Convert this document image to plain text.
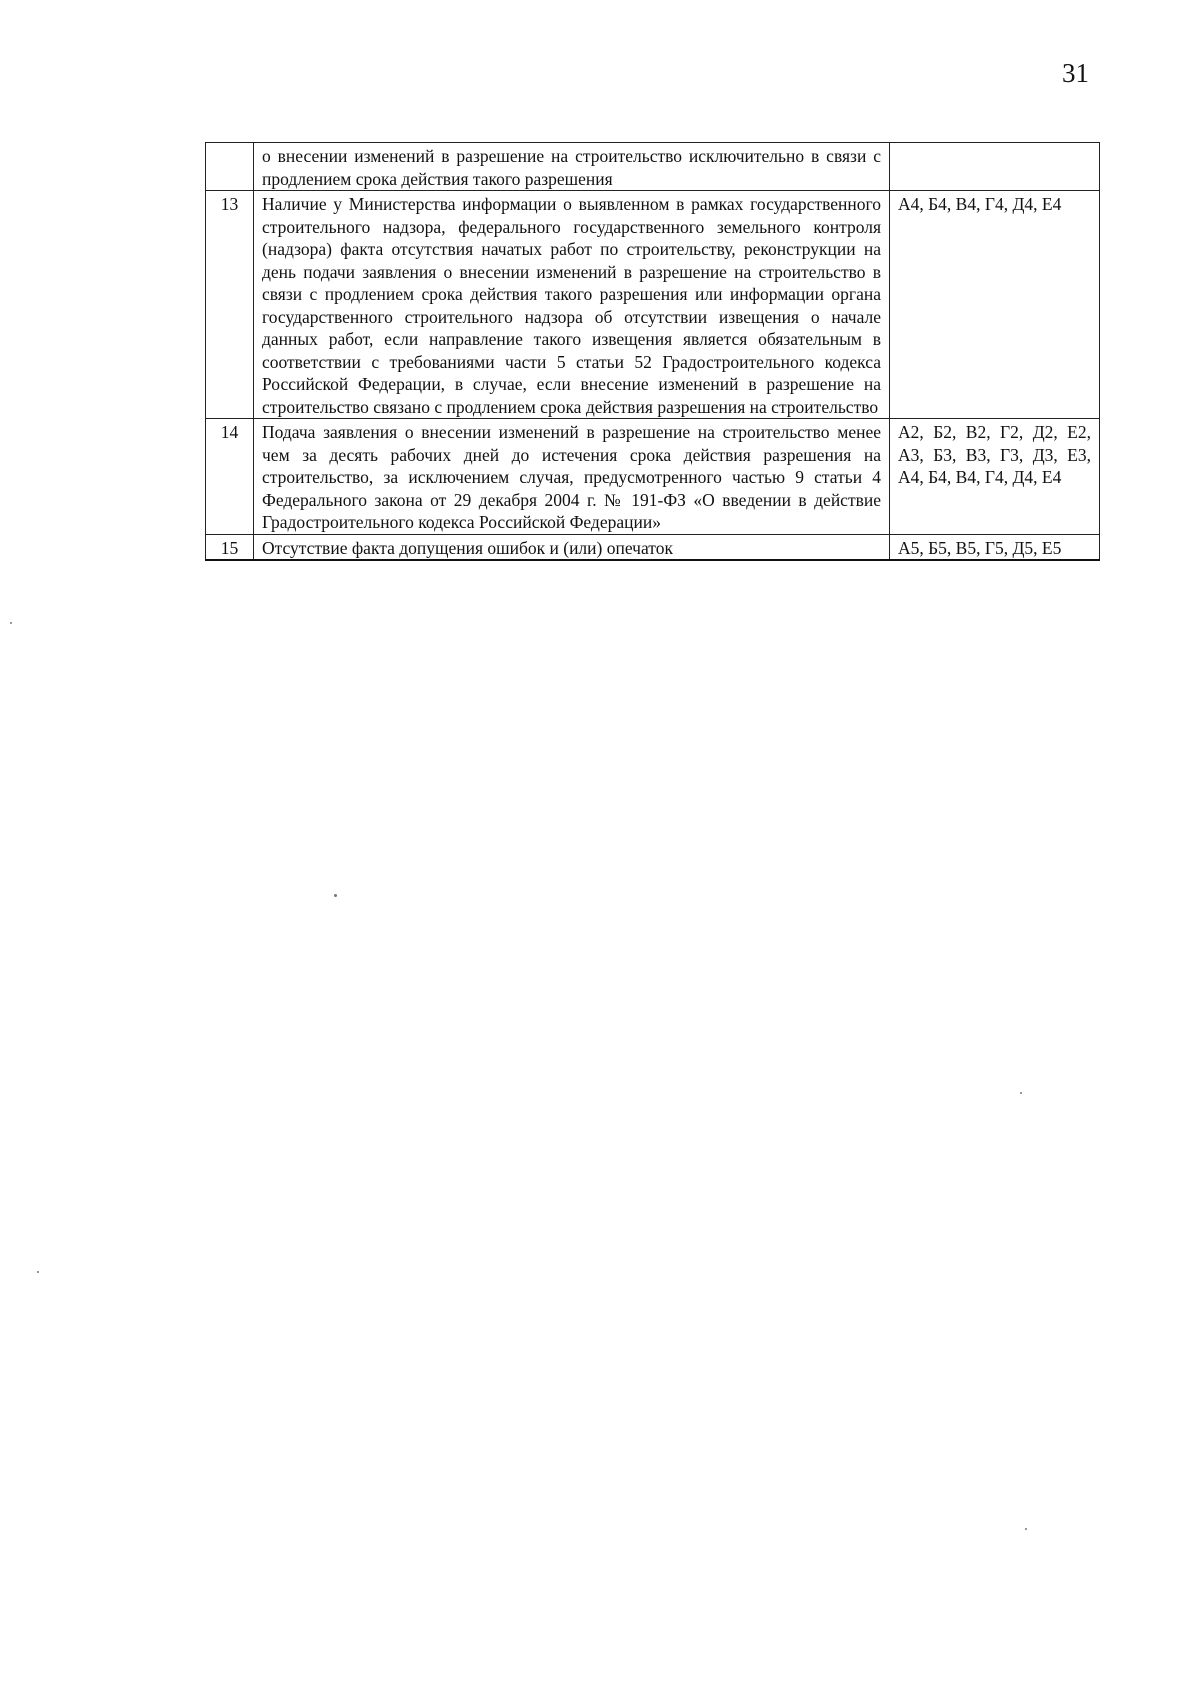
31
	о внесении изменений в разрешение на строительство исключительно в связи с продлением срока действия такого разрешения	
13	Наличие у Министерства информации о выявленном в рамках государственного строительного надзора, федерального государственного земельного контроля (надзора) факта отсутствия начатых работ по строительству, реконструкции на день подачи заявления о внесении изменений в разрешение на строительство в связи с продлением срока действия такого разрешения или информации органа государственного строительного надзора об отсутствии извещения о начале данных работ, если направление такого извещения является обязательным в соответствии с требованиями части 5 статьи 52 Градостроительного кодекса Российской Федерации, в случае, если внесение изменений в разрешение на строительство связано с продлением срока действия разрешения на строительство	А4, Б4, В4, Г4, Д4, Е4
14	Подача заявления о внесении изменений в разрешение на строительство менее чем за десять рабочих дней до истечения срока действия разрешения на строительство, за исключением случая, предусмотренного частью 9 статьи 4 Федерального закона от 29 декабря 2004 г. № 191-ФЗ «О введении в действие Градостроительного кодекса Российской Федерации»	А2, Б2, В2, Г2, Д2, Е2, А3, Б3, В3, Г3, Д3, Е3, А4, Б4, В4, Г4, Д4, Е4
15	Отсутствие факта допущения ошибок и (или) опечаток	А5, Б5, В5, Г5, Д5, Е5
